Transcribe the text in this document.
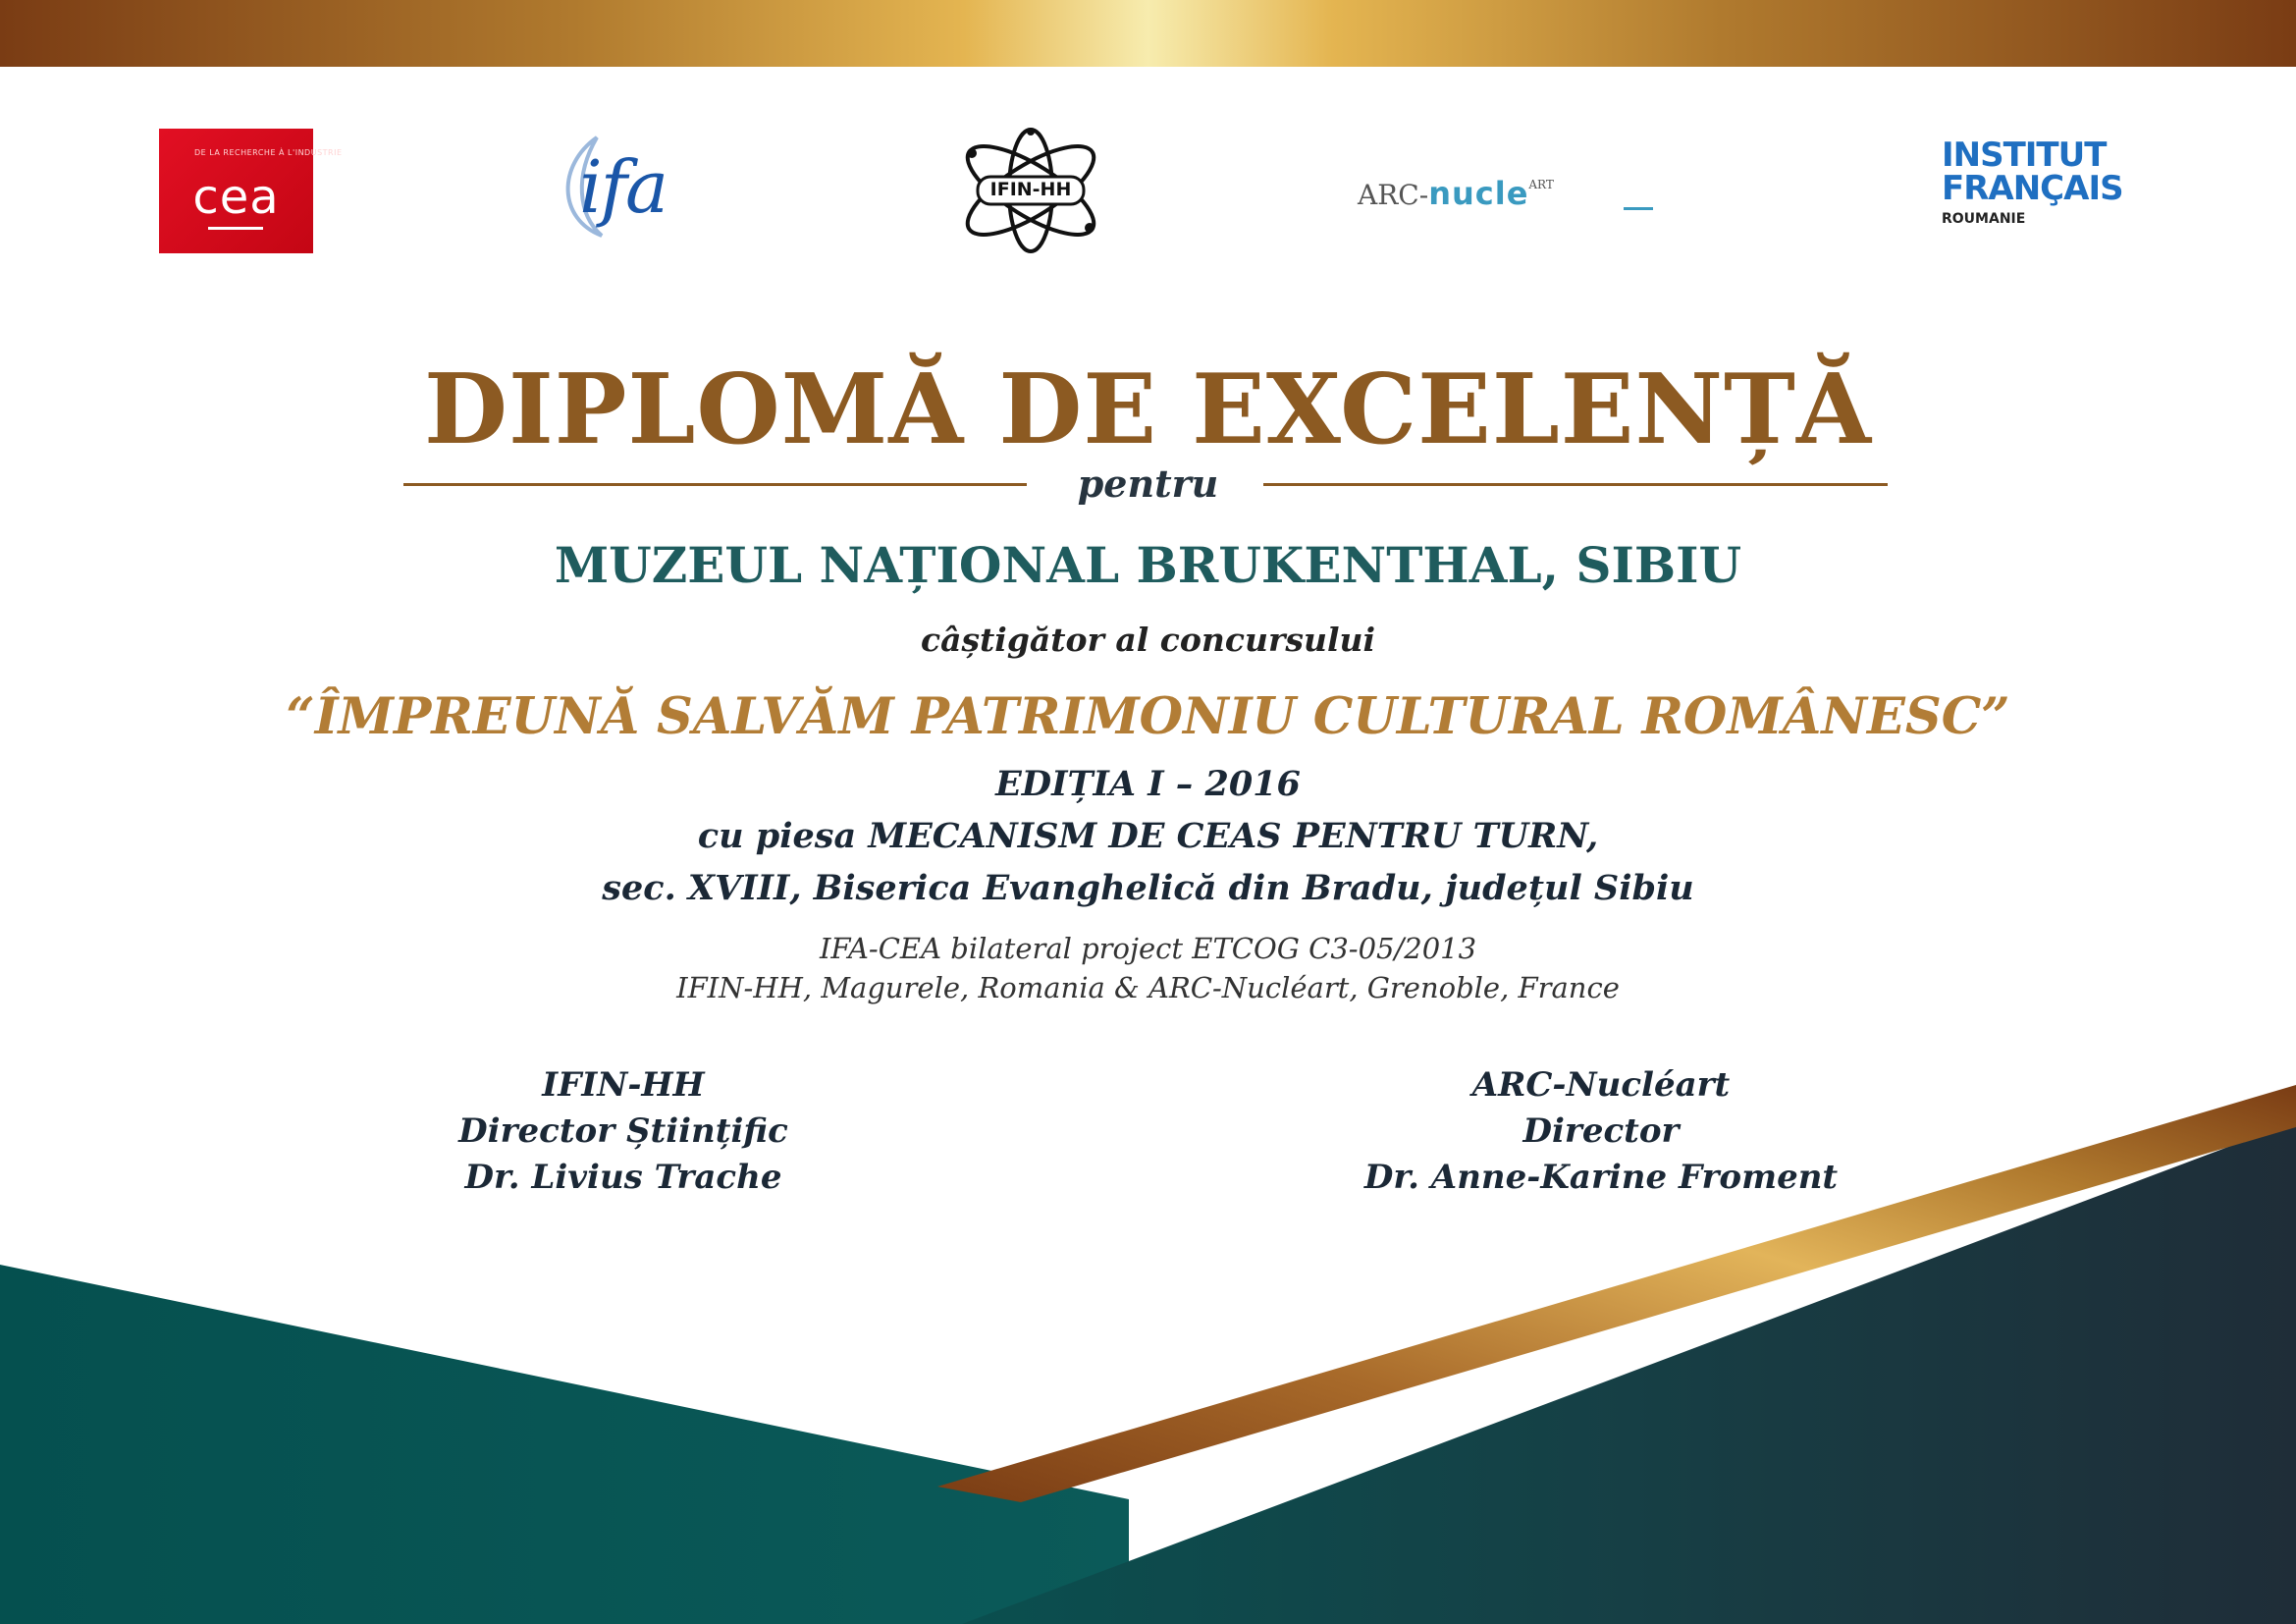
DE LA RECHERCHE À L'INDUSTRIE
cea	ifa	IFIN-HH	ARC-nucle$^{ART}$
INSTITUT
FRANÇAIS
ROUMANIE
DIPLOMĂ DE EXCELENȚĂ
pentru
MUZEUL NAȚIONAL BRUKENTHAL, SIBIU
câștigător al concursului
“ÎMPREUNĂ SALVĂM PATRIMONIU CULTURAL ROMÂNESC”
EDIȚIA I – 2016
cu piesa MECANISM DE CEAS PENTRU TURN,
sec. XVIII, Biserica Evanghelică din Bradu, județul Sibiu
IFA-CEA bilateral project ETCOG C3-05/2013
IFIN-HH, Magurele, Romania & ARC-Nucléart, Grenoble, France
IFIN-HH
Director Științific
Dr. Livius Trache
ARC-Nucléart
Director
Dr. Anne-Karine Froment
